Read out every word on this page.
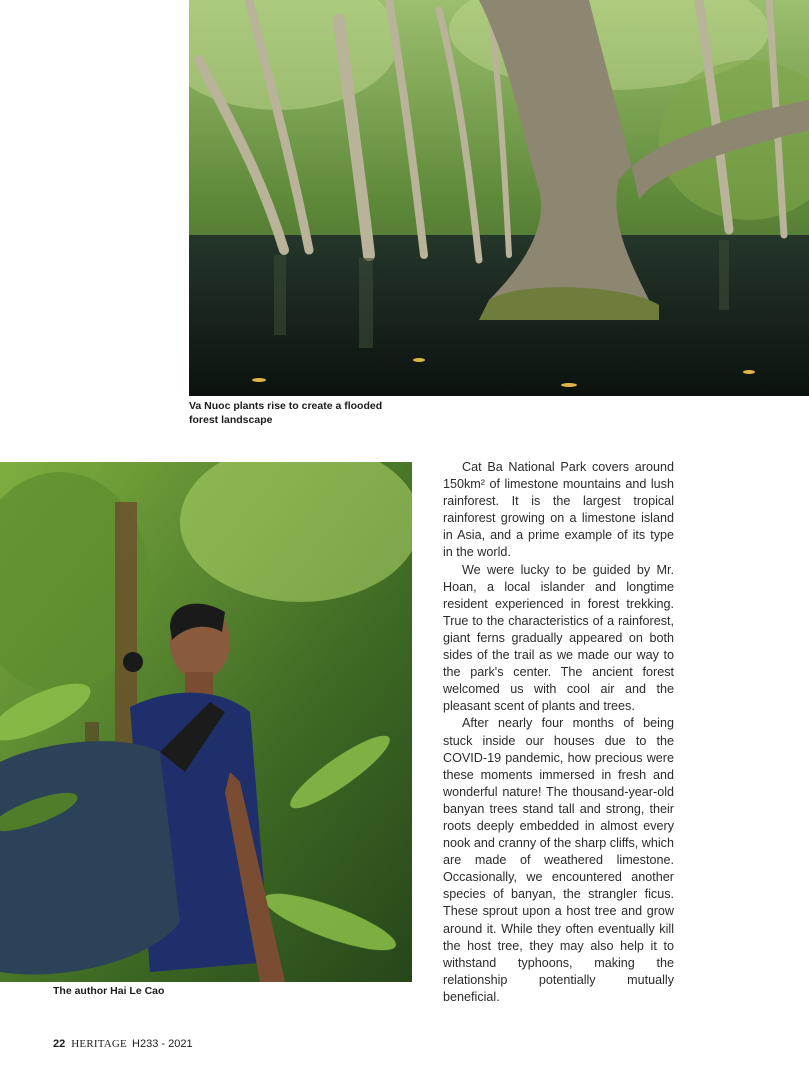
Va Nuoc plants rise to create a flooded forest landscape
The author Hai Le Cao

Cat Ba National Park covers around 150km² of limestone mountains and lush rainforest. It is the largest tropical rainforest growing on a limestone island in Asia, and a prime example of its type in the world.

We were lucky to be guided by Mr. Hoan, a local islander and longtime resident experienced in forest trekking. True to the characteristics of a rainforest, giant ferns gradually appeared on both sides of the trail as we made our way to the park's center. The ancient forest welcomed us with cool air and the pleasant scent of plants and trees.

After nearly four months of being stuck inside our houses due to the COVID-19 pandemic, how precious were these moments immersed in fresh and wonderful nature! The thousand-year-old banyan trees stand tall and strong, their roots deeply embedded in almost every nook and cranny of the sharp cliffs, which are made of weathered limestone. Occasionally, we encountered another species of banyan, the strangler ficus. These sprout upon a host tree and grow around it. While they often eventually kill the host tree, they may also help it to withstand typhoons, making the relationship potentially mutually beneficial.

22 HERITAGE H233 - 2021
